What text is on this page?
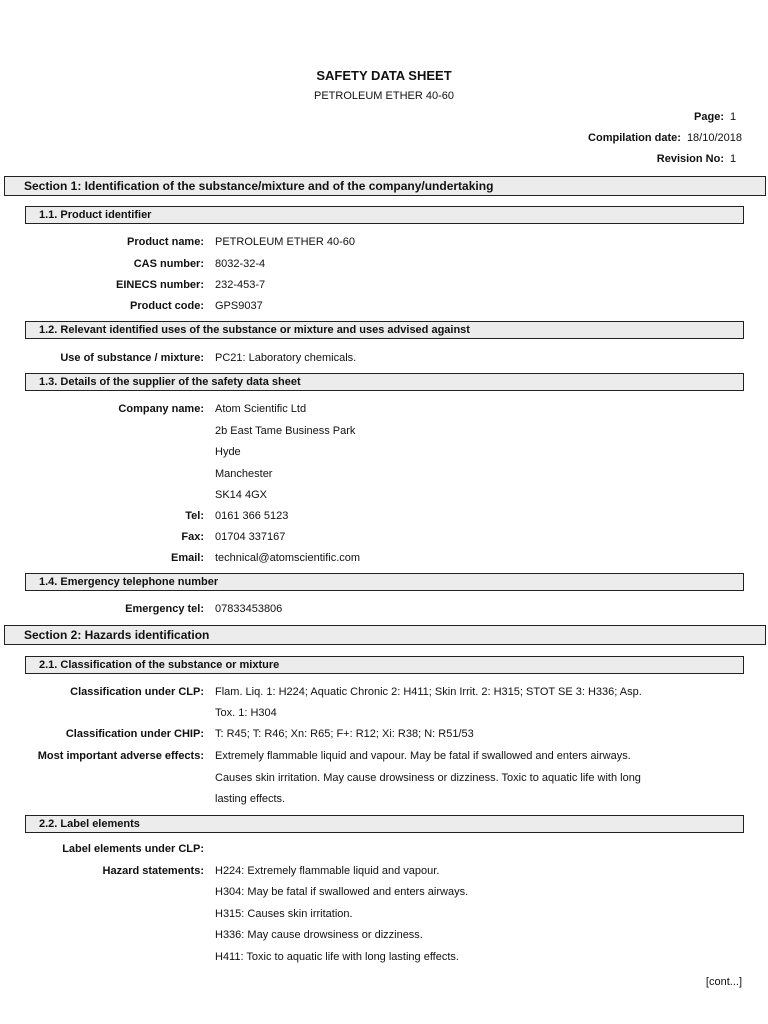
SAFETY DATA SHEET
PETROLEUM ETHER 40-60
Page: 1
Compilation date: 18/10/2018
Revision No: 1
Section 1: Identification of the substance/mixture and of the company/undertaking
1.1. Product identifier
Product name: PETROLEUM ETHER 40-60
CAS number: 8032-32-4
EINECS number: 232-453-7
Product code: GPS9037
1.2. Relevant identified uses of the substance or mixture and uses advised against
Use of substance / mixture: PC21: Laboratory chemicals.
1.3. Details of the supplier of the safety data sheet
Company name: Atom Scientific Ltd
2b East Tame Business Park
Hyde
Manchester
SK14 4GX
Tel: 0161 366 5123
Fax: 01704 337167
Email: technical@atomscientific.com
1.4. Emergency telephone number
Emergency tel: 07833453806
Section 2: Hazards identification
2.1. Classification of the substance or mixture
Classification under CLP: Flam. Liq. 1: H224; Aquatic Chronic 2: H411; Skin Irrit. 2: H315; STOT SE 3: H336; Asp.
Tox. 1: H304
Classification under CHIP: T: R45; T: R46; Xn: R65; F+: R12; Xi: R38; N: R51/53
Most important adverse effects: Extremely flammable liquid and vapour. May be fatal if swallowed and enters airways.
Causes skin irritation. May cause drowsiness or dizziness. Toxic to aquatic life with long
lasting effects.
2.2. Label elements
Label elements under CLP:
Hazard statements: H224: Extremely flammable liquid and vapour.
H304: May be fatal if swallowed and enters airways.
H315: Causes skin irritation.
H336: May cause drowsiness or dizziness.
H411: Toxic to aquatic life with long lasting effects.
[cont...]
